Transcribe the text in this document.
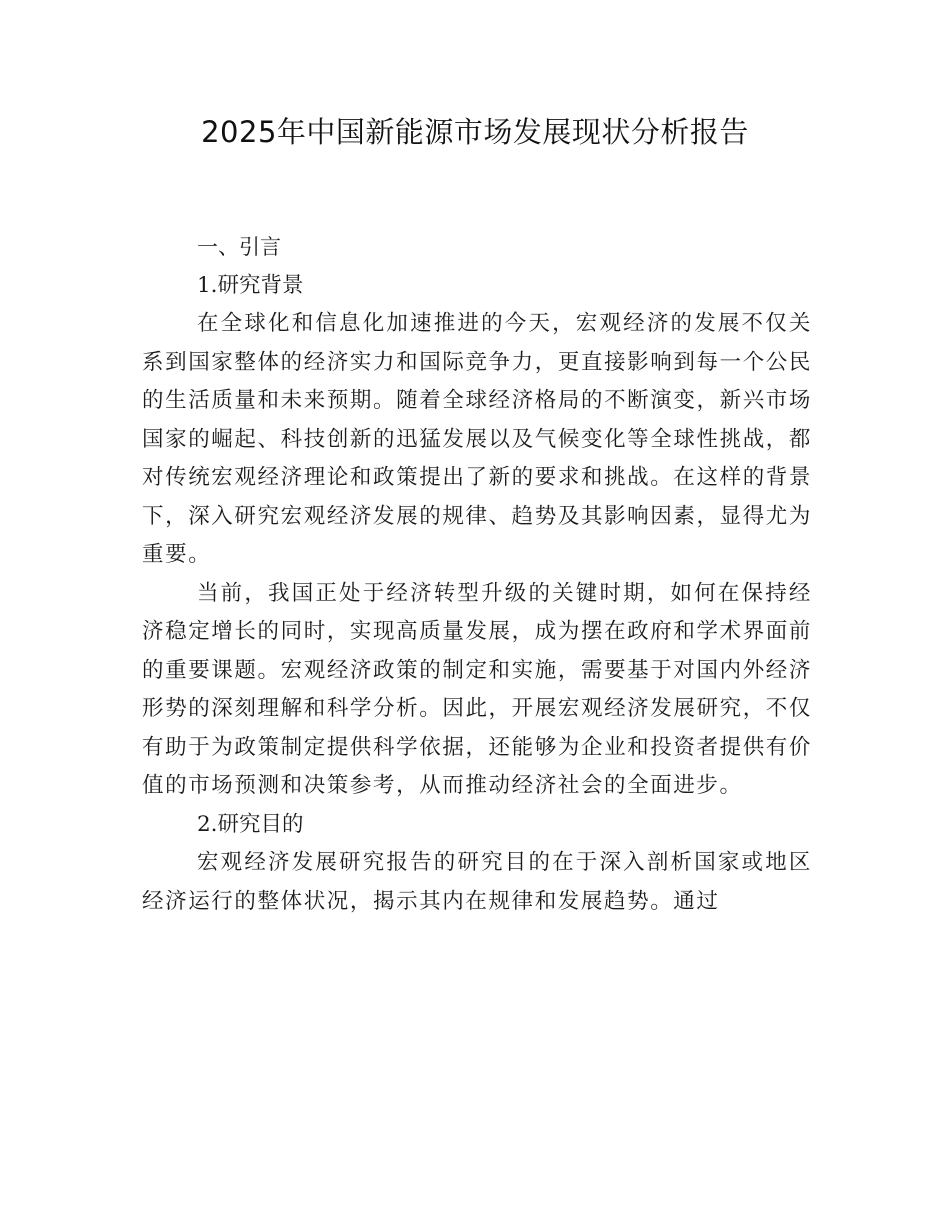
2025年中国新能源市场发展现状分析报告

一、引言

1.研究背景

在全球化和信息化加速推进的今天，宏观经济的发展不仅关系到国家整体的经济实力和国际竞争力，更直接影响到每一个公民的生活质量和未来预期。随着全球经济格局的不断演变，新兴市场国家的崛起、科技创新的迅猛发展以及气候变化等全球性挑战，都对传统宏观经济理论和政策提出了新的要求和挑战。在这样的背景下，深入研究宏观经济发展的规律、趋势及其影响因素，显得尤为重要。

当前，我国正处于经济转型升级的关键时期，如何在保持经济稳定增长的同时，实现高质量发展，成为摆在政府和学术界面前的重要课题。宏观经济政策的制定和实施，需要基于对国内外经济形势的深刻理解和科学分析。因此，开展宏观经济发展研究，不仅有助于为政策制定提供科学依据，还能够为企业和投资者提供有价值的市场预测和决策参考，从而推动经济社会的全面进步。

2.研究目的

宏观经济发展研究报告的研究目的在于深入剖析国家或地区经济运行的整体状况，揭示其内在规律和发展趋势。通过
